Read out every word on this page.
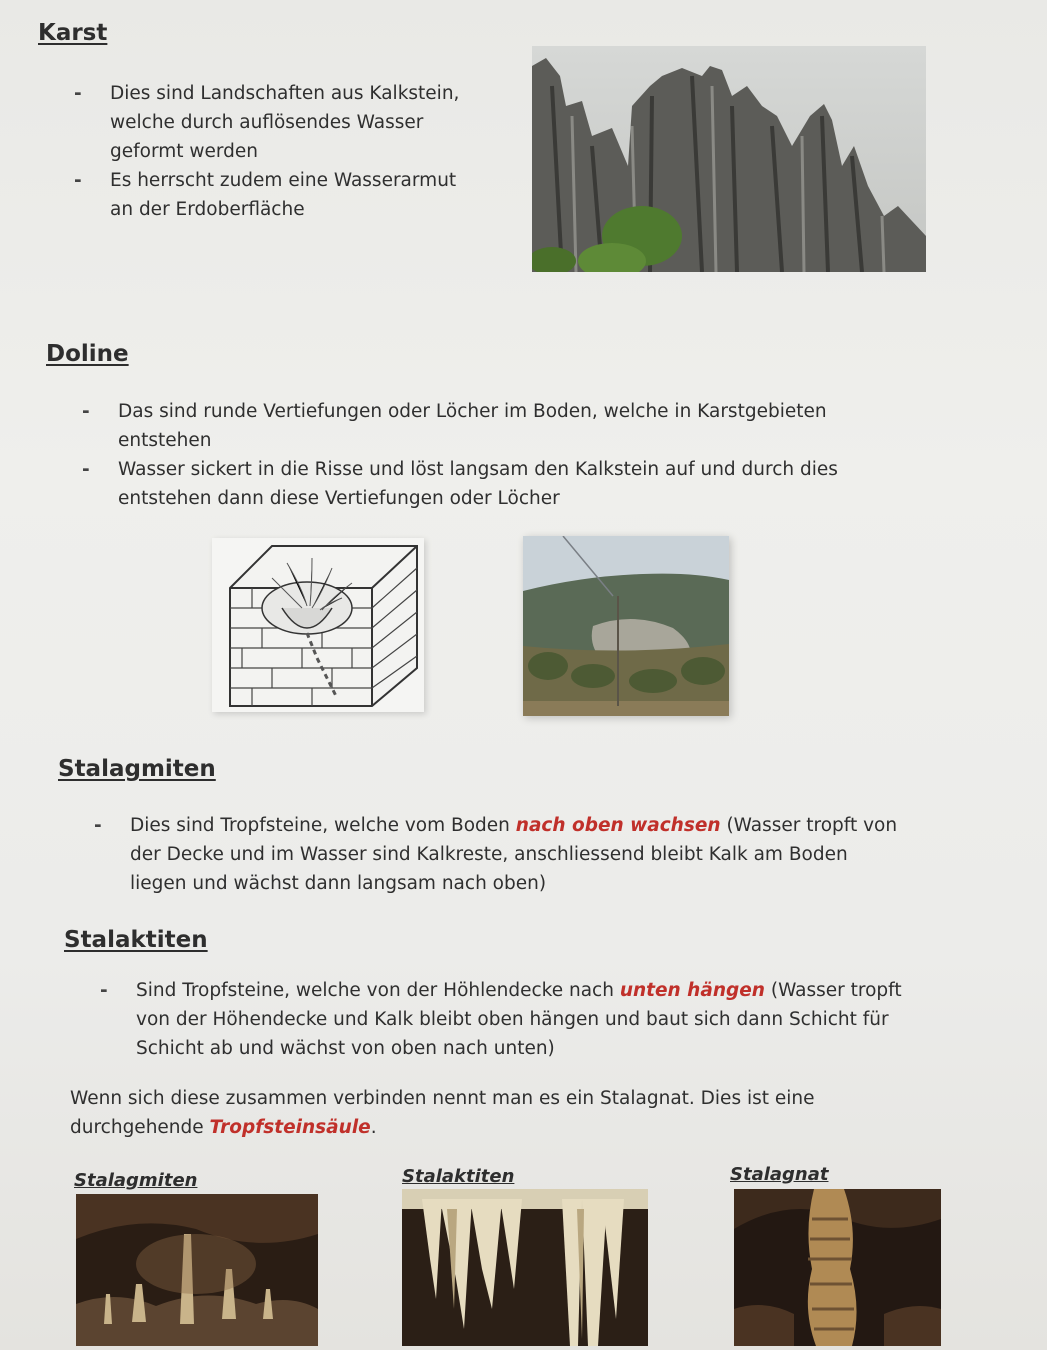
Karst
- Dies sind Landschaften aus Kalkstein, welche durch auflösendes Wasser geformt werden
- Es herrscht zudem eine Wasserarmut an der Erdoberfläche
Doline
- Das sind runde Vertiefungen oder Löcher im Boden, welche in Karstgebieten entstehen
- Wasser sickert in die Risse und löst langsam den Kalkstein auf und durch dies entstehen dann diese Vertiefungen oder Löcher
Stalagmiten
- Dies sind Tropfsteine, welche vom Boden nach oben wachsen (Wasser tropft von der Decke und im Wasser sind Kalkreste, anschliessend bleibt Kalk am Boden liegen und wächst dann langsam nach oben)
Stalaktiten
- Sind Tropfsteine, welche von der Höhlendecke nach unten hängen (Wasser tropft von der Höhendecke und Kalk bleibt oben hängen und baut sich dann Schicht für Schicht ab und wächst von oben nach unten)
Wenn sich diese zusammen verbinden nennt man es ein Stalagnat. Dies ist eine durchgehende Tropfsteinsäule.
Stalagmiten	Stalaktiten	Stalagnat
